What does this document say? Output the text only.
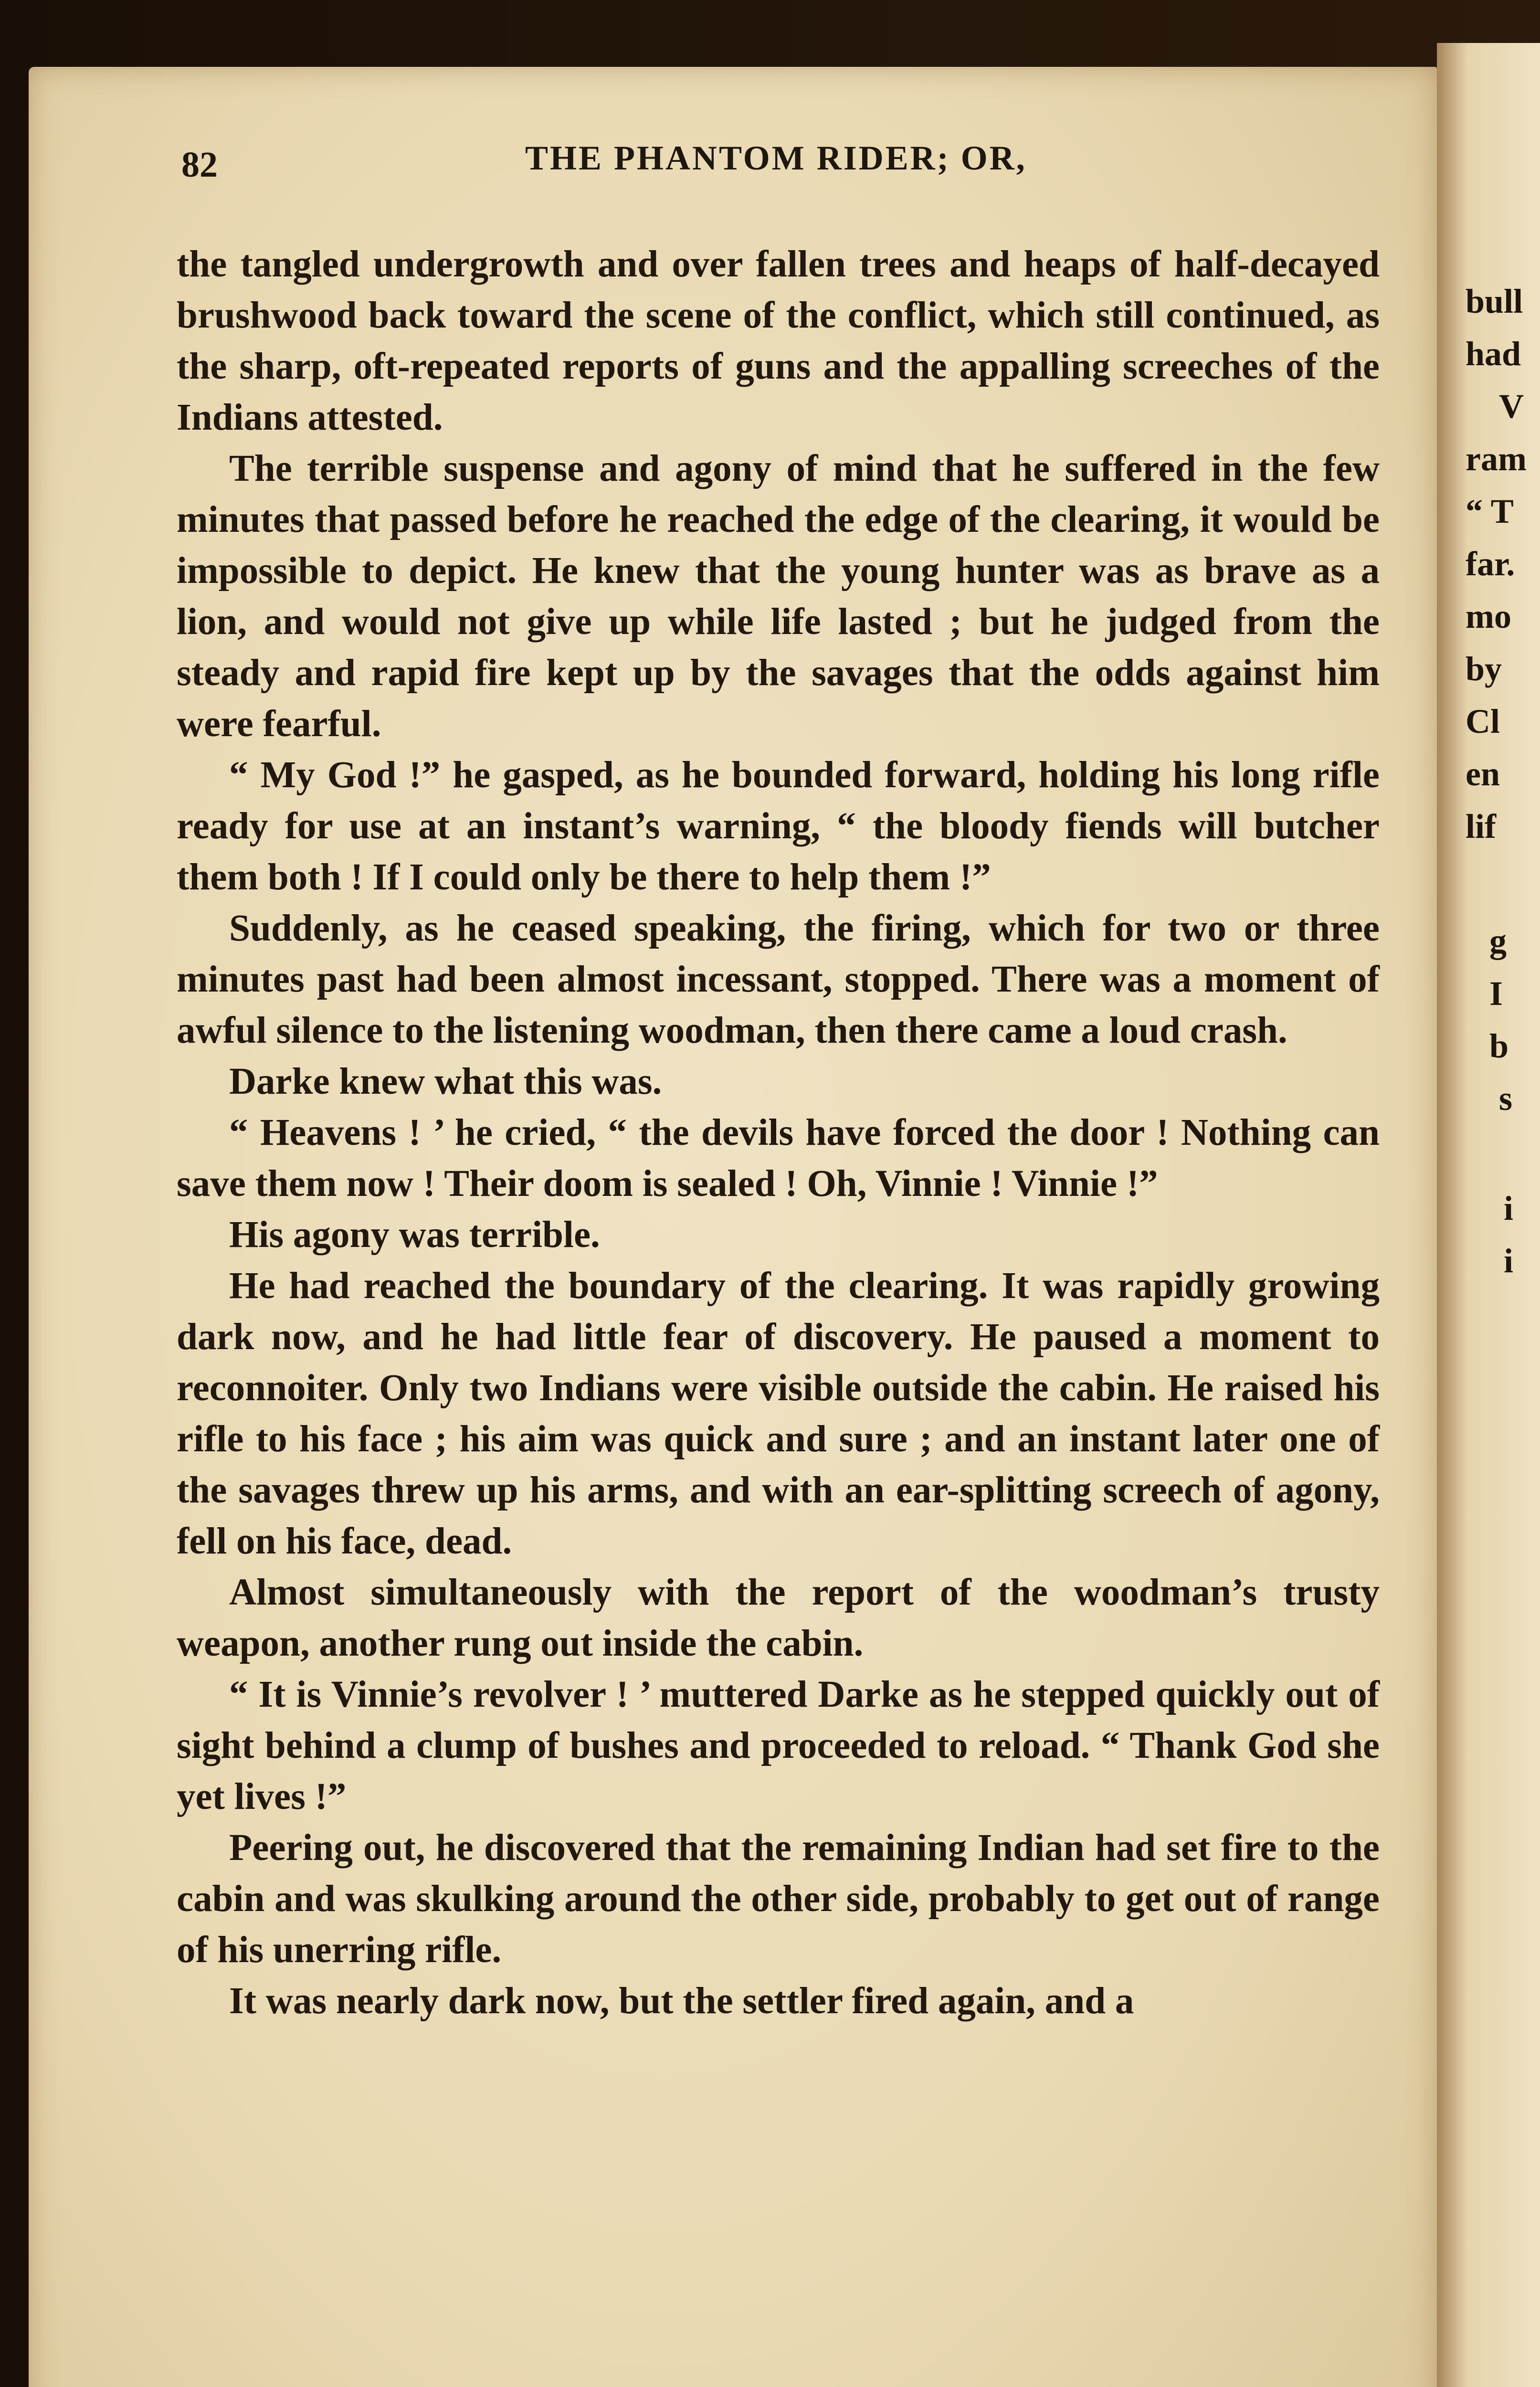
bull
had
V
ram
“ T
far.
mo
by
Cl
en
lif
g
I
b
s
i
i
82	THE PHANTOM RIDER; OR,

the tangled undergrowth and over fallen trees and heaps of half-decayed brushwood back toward the scene of the conflict, which still continued, as the sharp, oft-repeated reports of guns and the appalling screeches of the Indians attested.

The terrible suspense and agony of mind that he suffered in the few minutes that passed before he reached the edge of the clearing, it would be impossible to depict. He knew that the young hunter was as brave as a lion, and would not give up while life lasted ; but he judged from the steady and rapid fire kept up by the savages that the odds against him were fearful.

“ My God !” he gasped, as he bounded forward, holding his long rifle ready for use at an instant’s warning, “ the bloody fiends will butcher them both ! If I could only be there to help them !”

Suddenly, as he ceased speaking, the firing, which for two or three minutes past had been almost incessant, stopped. There was a moment of awful silence to the listening woodman, then there came a loud crash.

Darke knew what this was.

“ Heavens ! ’ he cried, “ the devils have forced the door ! Nothing can save them now ! Their doom is sealed ! Oh, Vinnie ! Vinnie !”

His agony was terrible.

He had reached the boundary of the clearing. It was rapidly growing dark now, and he had little fear of discovery. He paused a moment to reconnoiter. Only two Indians were visible outside the cabin. He raised his rifle to his face ; his aim was quick and sure ; and an instant later one of the savages threw up his arms, and with an ear-splitting screech of agony, fell on his face, dead.

Almost simultaneously with the report of the woodman’s trusty weapon, another rung out inside the cabin.

“ It is Vinnie’s revolver ! ’ muttered Darke as he stepped quickly out of sight behind a clump of bushes and proceeded to reload. “ Thank God she yet lives !”

Peering out, he discovered that the remaining Indian had set fire to the cabin and was skulking around the other side, probably to get out of range of his unerring rifle.

It was nearly dark now, but the settler fired again, and a
